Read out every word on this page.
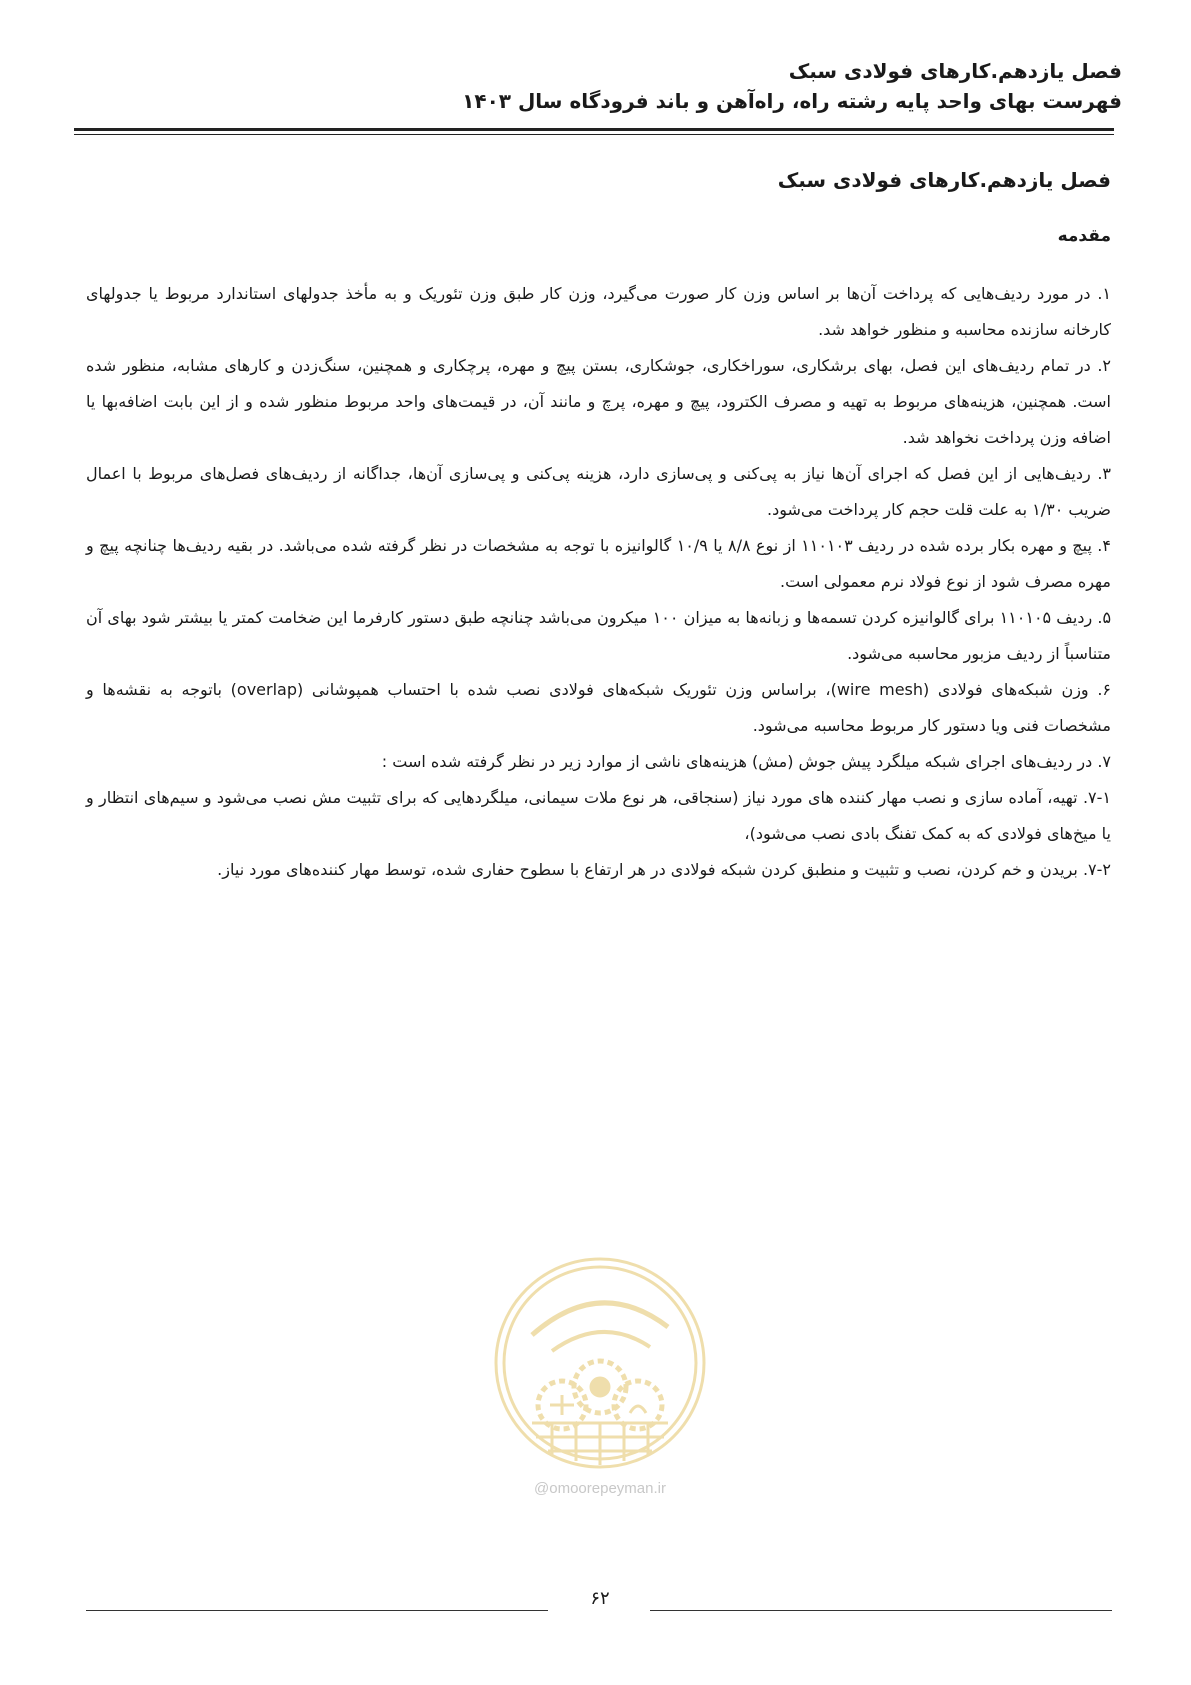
فصل یازدهم.کارهای فولادی سبک
فهرست بهای واحد پایه رشته راه، راه‌آهن و باند فرودگاه سال ۱۴۰۳
فصل یازدهم.کارهای فولادی سبک
مقدمه

۱. در مورد ردیف‌هایی که پرداخت آن‌ها بر اساس وزن کار صورت می‌گیرد، وزن کار طبق وزن تئوریک و به مأخذ جدولهای استاندارد مربوط یا جدولهای کارخانه سازنده محاسبه و منظور خواهد شد.

۲. در تمام ردیف‌های این فصل، بهای برشکاری، سوراخکاری، جوشکاری، بستن پیچ و مهره، پرچکاری و همچنین، سنگ‌زدن و کارهای مشابه، منظور شده است. همچنین، هزینه‌های مربوط به تهیه و مصرف الکترود، پیچ و مهره، پرچ و مانند آن، در قیمت‌های واحد مربوط منظور شده و از این بابت اضافه‌بها یا اضافه وزن پرداخت نخواهد شد.

۳. ردیف‌هایی از این فصل که اجرای آن‌ها نیاز به پی‌کنی و پی‌سازی دارد، هزینه پی‌کنی و پی‌سازی آن‌ها، جداگانه از ردیف‌های فصل‌های مربوط با اعمال ضریب ۱/۳۰ به علت قلت حجم کار پرداخت می‌شود.

۴. پیچ و مهره بکار برده شده در ردیف ۱۱۰۱۰۳ از نوع ۸/۸ یا ۱۰/۹ گالوانیزه با توجه به مشخصات در نظر گرفته شده می‌باشد. در بقیه ردیف‌ها چنانچه پیچ و مهره مصرف شود از نوع فولاد نرم معمولی است.

۵. ردیف ۱۱۰۱۰۵ برای گالوانیزه کردن تسمه‌ها و زبانه‌ها به میزان ۱۰۰ میکرون می‌باشد چنانچه طبق دستور کارفرما این ضخامت کمتر یا بیشتر شود بهای آن متناسباً از ردیف مزبور محاسبه می‌شود.

۶. وزن شبکه‌های فولادی (wire mesh)، براساس وزن تئوریک شبکه‌های فولادی نصب شده با احتساب همپوشانی (overlap) باتوجه به نقشه‌ها و مشخصات فنی ویا دستور کار مربوط محاسبه می‌شود.

۷. در ردیف‌های اجرای شبکه میلگرد پیش جوش (مش) هزینه‌های ناشی از موارد زیر در نظر گرفته شده است :

۷-۱. تهیه، آماده سازی و نصب مهار کننده های مورد نیاز (سنجاقی، هر نوع ملات سیمانی، میلگردهایی که برای تثبیت مش نصب می‌شود و سیم‌های انتظار و یا میخ‌های فولادی که به کمک تفنگ بادی نصب می‌شود)،

۷-۲. بریدن و خم کردن، نصب و تثبیت و منطبق کردن شبکه فولادی در هر ارتفاع با سطوح حفاری شده، توسط مهار کننده‌های مورد نیاز.

@omoorepeyman.ir
۶۲
